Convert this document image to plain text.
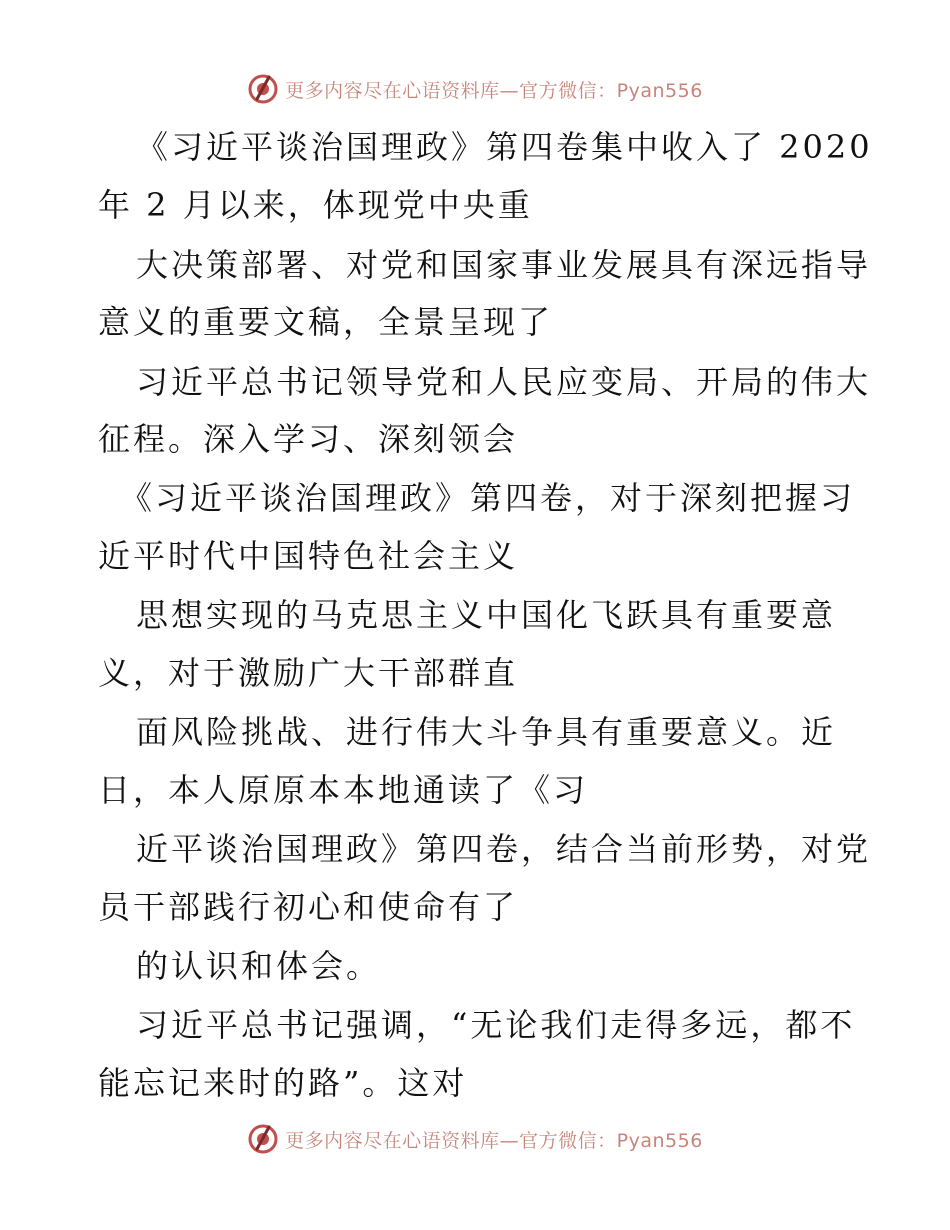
更多内容尽在心语资料库—官方微信：Pyan556
《习近平谈治国理政》第四卷集中收入了 2020
年 2 月以来，体现党中央重
大决策部署、对党和国家事业发展具有深远指导
意义的重要文稿，全景呈现了
习近平总书记领导党和人民应变局、开局的伟大
征程。深入学习、深刻领会
《习近平谈治国理政》第四卷，对于深刻把握习
近平时代中国特色社会主义
思想实现的马克思主义中国化飞跃具有重要意
义，对于激励广大干部群直
面风险挑战、进行伟大斗争具有重要意义。近
日，本人原原本本地通读了《习
近平谈治国理政》第四卷，结合当前形势，对党
员干部践行初心和使命有了
的认识和体会。
习近平总书记强调，“无论我们走得多远，都不
能忘记来时的路”。这对
更多内容尽在心语资料库—官方微信：Pyan556
